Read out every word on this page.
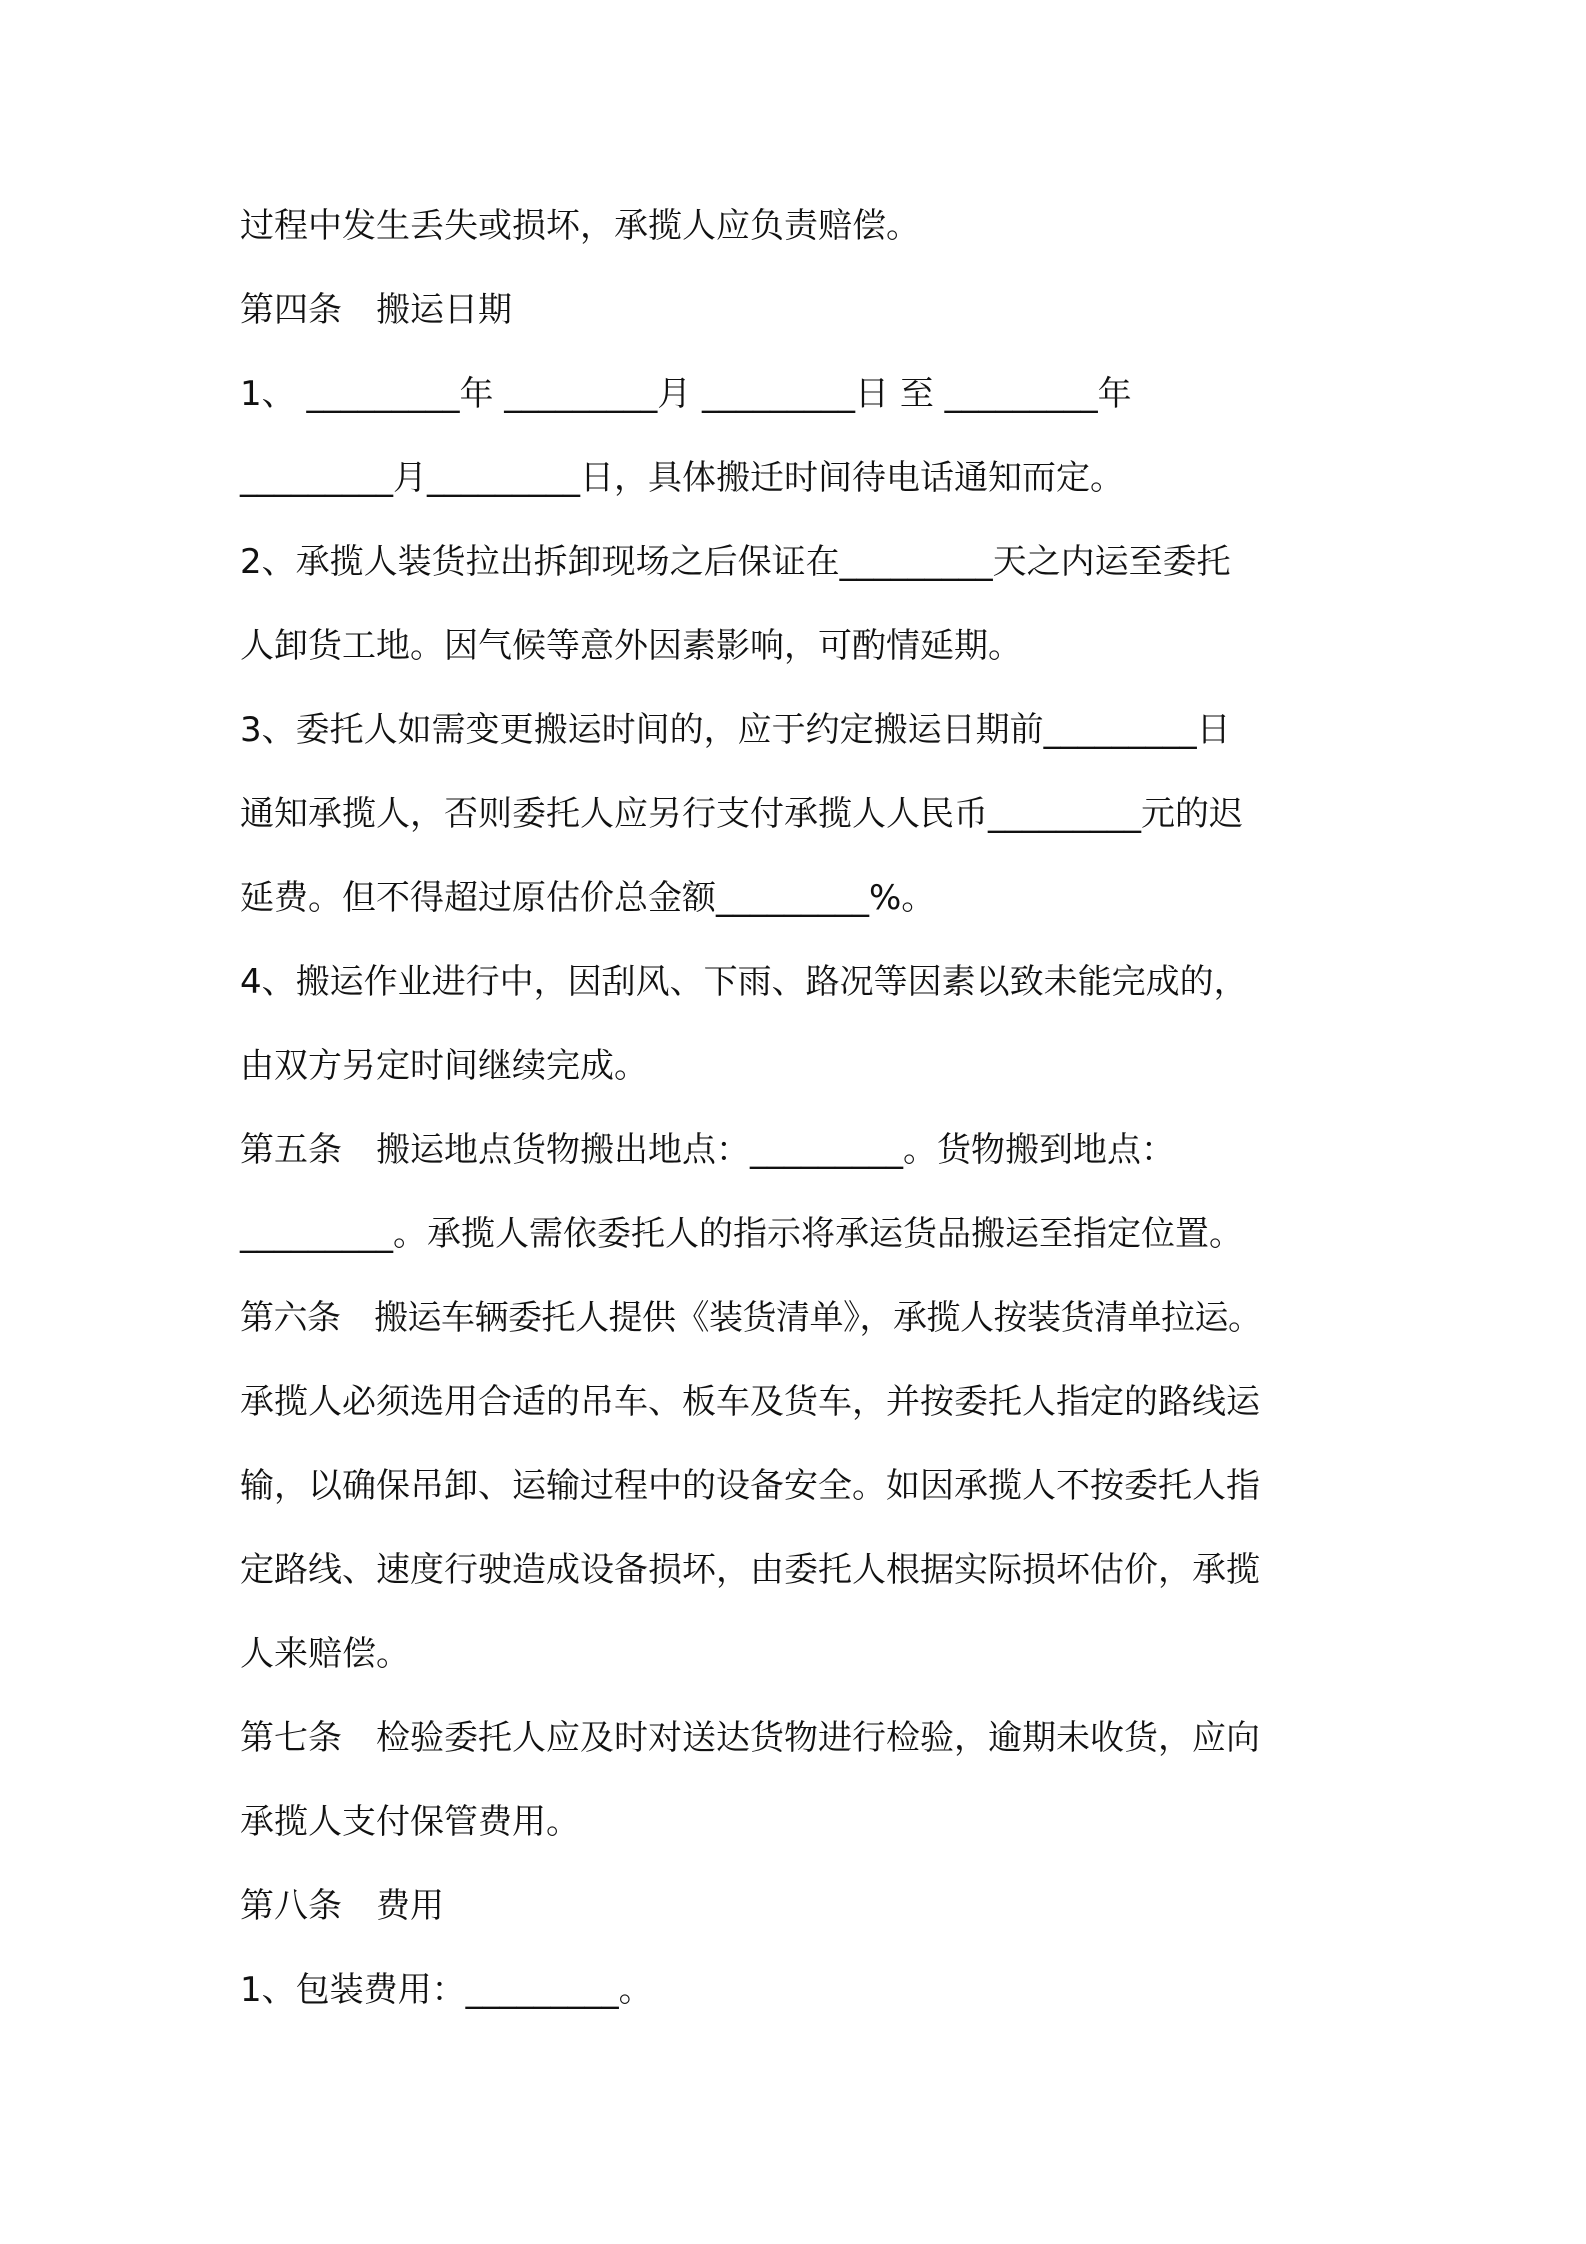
过程中发生丢失或损坏，承揽人应负责赔偿。
第四条　搬运日期
1、 _________年 _________月 _________日 至 _________年
_________月_________日，具体搬迁时间待电话通知而定。
2、承揽人装货拉出拆卸现场之后保证在_________天之内运至委托
人卸货工地。因气候等意外因素影响，可酌情延期。
3、委托人如需变更搬运时间的，应于约定搬运日期前_________日
通知承揽人，否则委托人应另行支付承揽人人民币_________元的迟
延费。但不得超过原估价总金额_________%。
4、搬运作业进行中，因刮风、下雨、路况等因素以致未能完成的，
由双方另定时间继续完成。
第五条　搬运地点货物搬出地点：_________。货物搬到地点：
_________。承揽人需依委托人的指示将承运货品搬运至指定位置。
第六条　搬运车辆委托人提供《装货清单》，承揽人按装货清单拉运。
承揽人必须选用合适的吊车、板车及货车，并按委托人指定的路线运
输，以确保吊卸、运输过程中的设备安全。如因承揽人不按委托人指
定路线、速度行驶造成设备损坏，由委托人根据实际损坏估价，承揽
人来赔偿。
第七条　检验委托人应及时对送达货物进行检验，逾期未收货，应向
承揽人支付保管费用。
第八条　费用
1、包装费用：_________。
